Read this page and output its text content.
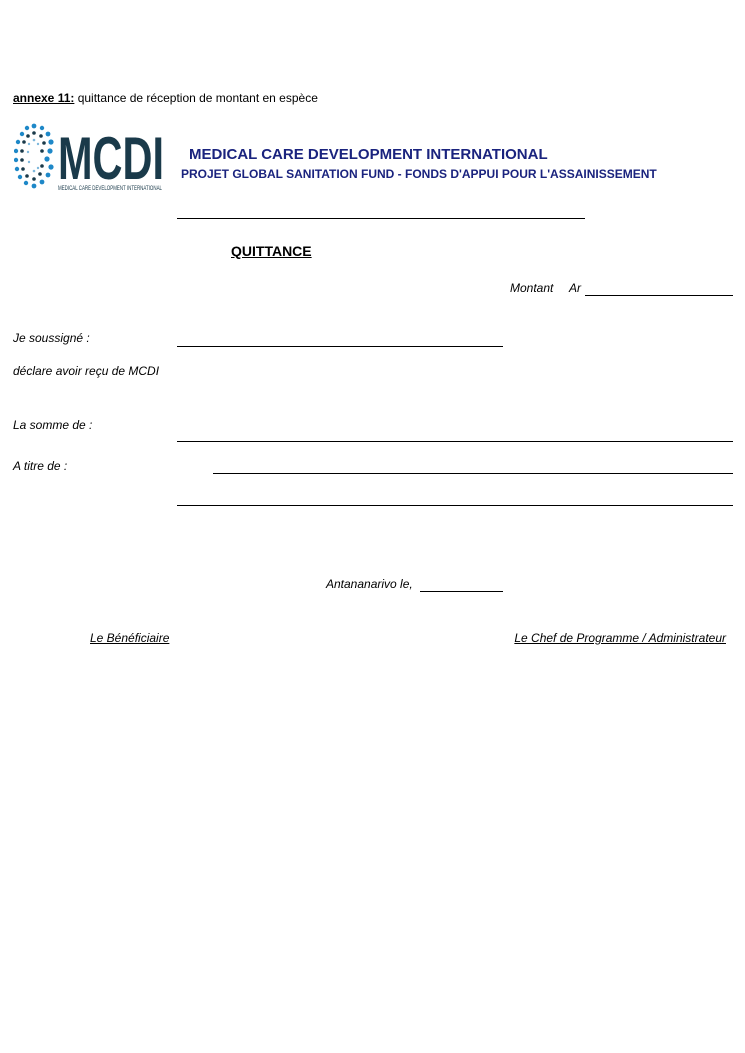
annexe 11: quittance de réception de montant en espèce
MCDI
MEDICAL CARE DEVELOPMENT INTERNATIONAL
MEDICAL CARE DEVELOPMENT INTERNATIONAL
PROJET GLOBAL SANITATION FUND - FONDS D'APPUI POUR L'ASSAINISSEMENT
QUITTANCE
Montant Ar
Je soussigné :
déclare avoir reçu de MCDI
La somme de :
A titre de :
Antananarivo le,
Le Bénéficiaire	Le Chef de Programme / Administrateur
